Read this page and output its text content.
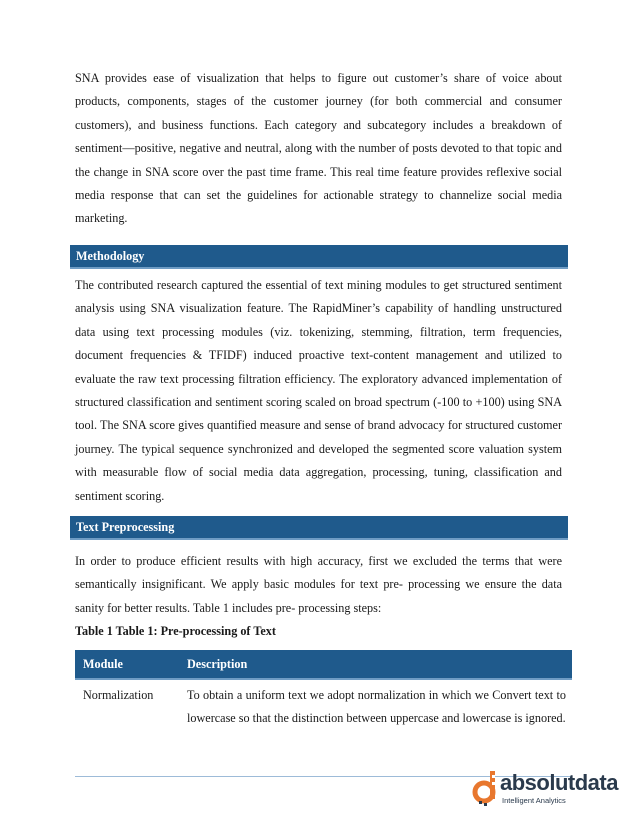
SNA provides ease of visualization that helps to figure out customer’s share of voice about products, components, stages of the customer journey (for both commercial and consumer customers), and business functions. Each category and subcategory includes a breakdown of sentiment—positive, negative and neutral, along with the number of posts devoted to that topic and the change in SNA score over the past time frame. This real time feature provides reflexive social media response that can set the guidelines for actionable strategy to channelize social media marketing.

Methodology

The contributed research captured the essential of text mining modules to get structured sentiment analysis using SNA visualization feature. The RapidMiner’s capability of handling unstructured data using text processing modules (viz. tokenizing, stemming, filtration, term frequencies, document frequencies & TFIDF) induced proactive text-content management and utilized to evaluate the raw text processing filtration efficiency. The exploratory advanced implementation of structured classification and sentiment scoring scaled on broad spectrum (-100 to +100) using SNA tool. The SNA score gives quantified measure and sense of brand advocacy for structured customer journey. The typical sequence synchronized and developed the segmented score valuation system with measurable flow of social media data aggregation, processing, tuning, classification and sentiment scoring.

Text Preprocessing

In order to produce efficient results with high accuracy, first we excluded the terms that were semantically insignificant. We apply basic modules for text pre- processing we ensure the data sanity for better results. Table 1 includes pre- processing steps:

Table 1 Table 1: Pre-processing of Text
Module	Description
Normalization	To obtain a uniform text we adopt normalization in which we Convert text to lowercase so that the distinction between uppercase and lowercase is ignored.
absolutdata
Intelligent Analytics
